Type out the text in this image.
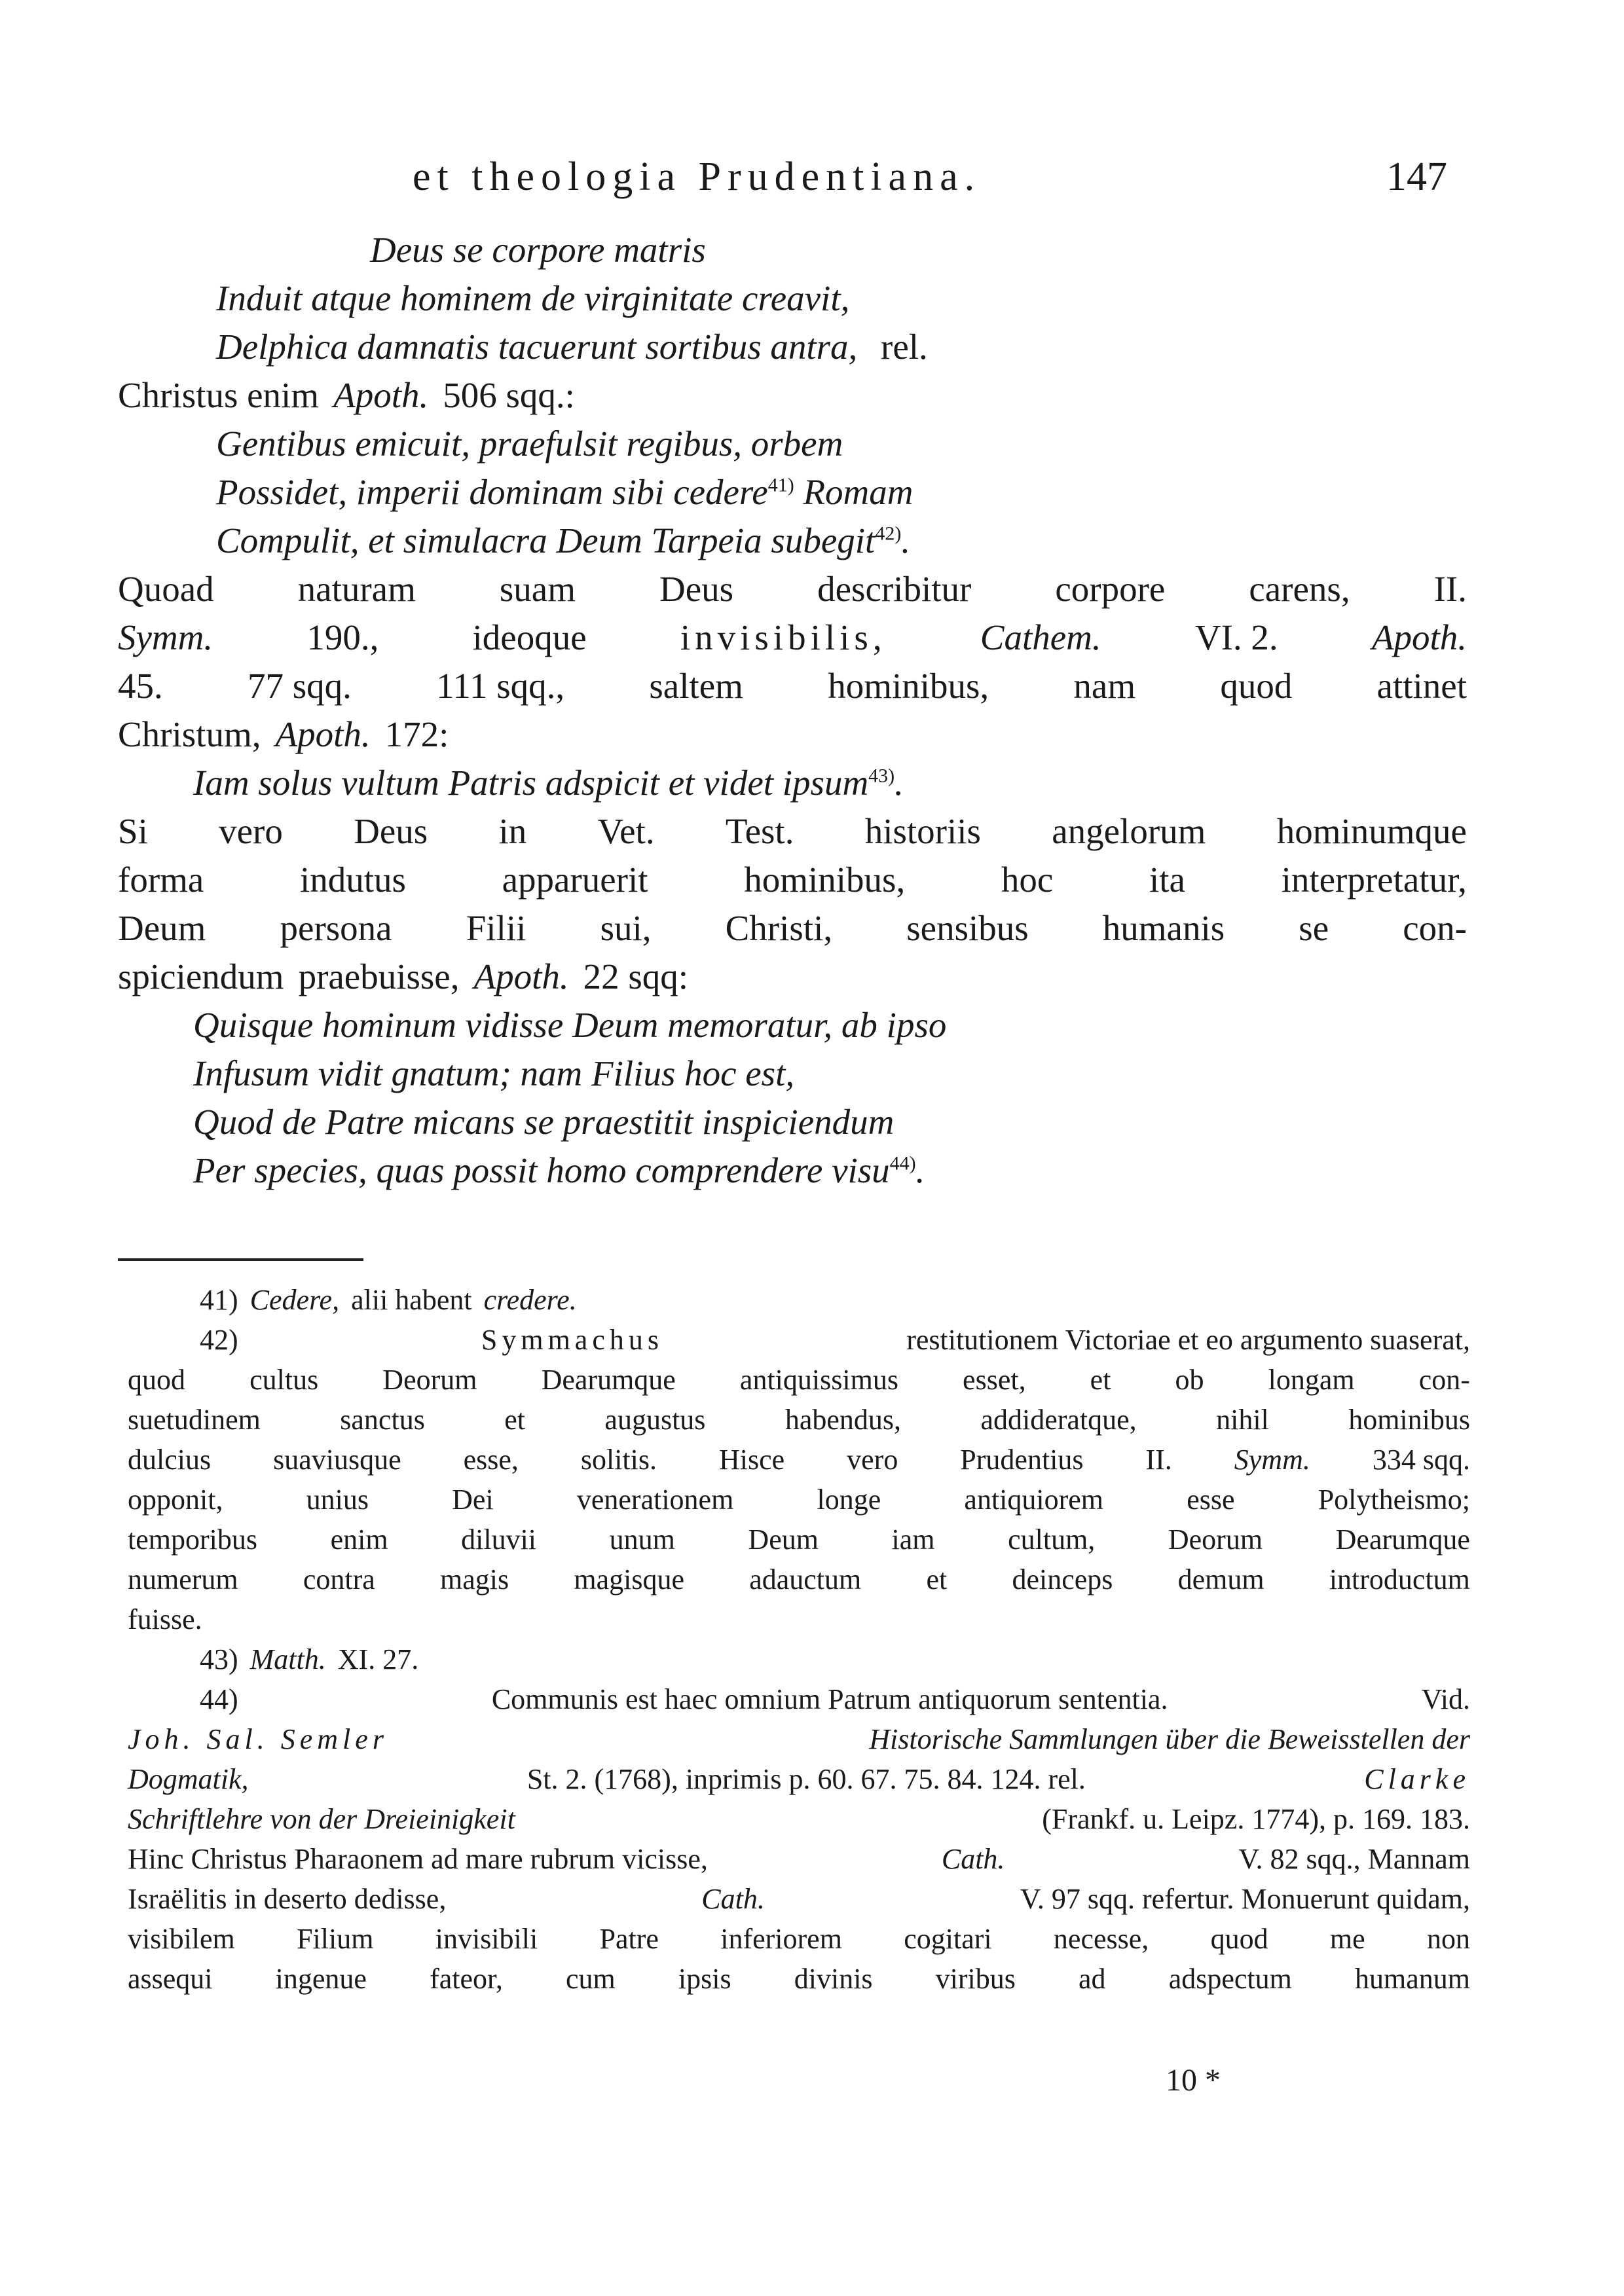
et theologia Prudentiana.	147
Deus se corpore matris
Induit atque hominem de virginitate creavit,
Delphica damnatis tacuerunt sortibus antra, rel.
Christus enim Apoth. 506 sqq.:
Gentibus emicuit, praefulsit regibus, orbem
Possidet, imperii dominam sibi cedere$^{41)}$ Romam
Compulit, et simulacra Deum Tarpeia subegit$^{42)}$.
Quoad naturam suam Deus describitur corpore carens, II.
Symm.	190.,	ideoque	invisibilis,	Cathem.	VI. 2.	Apoth.
45. 77 sqq. 111 sqq., saltem hominibus, nam quod attinet
Christum, Apoth. 172:
Iam solus vultum Patris adspicit et videt ipsum$^{43)}$.
Si vero Deus in Vet. Test. historiis angelorum hominumque
forma	indutus	apparuerit	hominibus,	hoc	ita	interpretatur,
Deum persona Filii sui, Christi, sensibus humanis se con-
spiciendum praebuisse, Apoth. 22 sqq:
Quisque hominum vidisse Deum memoratur, ab ipso
Infusum vidit gnatum; nam Filius hoc est,
Quod de Patre micans se praestitit inspiciendum
Per species, quas possit homo comprendere visu$^{44)}$.
41) Cedere, alii habent credere.
42)	Symmachus	restitutionem Victoriae et eo argumento suaserat,
quod cultus Deorum Dearumque antiquissimus esset, et ob longam con-
suetudinem	sanctus	et	augustus	habendus,	addideratque,	nihil	hominibus
dulcius suaviusque esse, solitis. Hisce vero Prudentius II. Symm. 334 sqq.
opponit,	unius	Dei	venerationem	longe	antiquiorem	esse	Polytheismo;
temporibus	enim	diluvii	unum	Deum	iam	cultum,	Deorum	Dearumque
numerum contra magis magisque adauctum et deinceps demum introductum
fuisse.
43) Matth. XI. 27.
44)	Communis est haec omnium Patrum antiquorum sententia.	Vid.
Joh. Sal. Semler	Historische Sammlungen über die Beweisstellen der
Dogmatik,	St. 2. (1768), inprimis p. 60. 67. 75. 84. 124. rel.	Clarke
Schriftlehre von der Dreieinigkeit	(Frankf. u. Leipz. 1774), p. 169. 183.
Hinc Christus Pharaonem ad mare rubrum vicisse,	Cath.	V. 82 sqq., Mannam
Israëlitis in deserto dedisse,	Cath.	V. 97 sqq. refertur. Monuerunt quidam,
visibilem Filium invisibili Patre inferiorem cogitari necesse, quod me non
assequi ingenue fateor, cum ipsis divinis viribus ad adspectum humanum
10 *
